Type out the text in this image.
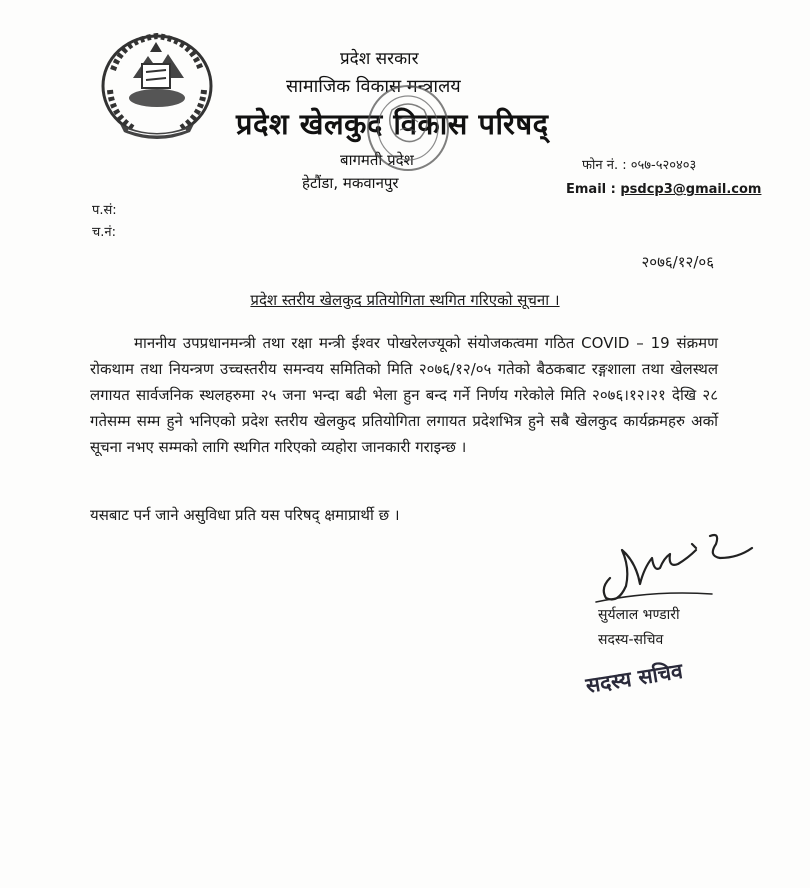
प्रदेश सरकार
सामाजिक विकास मन्त्रालय
प्रदेश खेलकुद विकास परिषद्
बागमती प्रदेश
हेटौंडा, मकवानपुर
फोन नं. : ०५७-५२०४०३
Email : psdcp3@gmail.com
प.सं:
च.नं:
२०७६/१२/०६
प्रदेश स्तरीय खेलकुद प्रतियोगिता स्थगित गरिएको सूचना ।

माननीय उपप्रधानमन्त्री तथा रक्षा मन्त्री ईश्वर पोखरेलज्यूको संयोजकत्वमा गठित COVID – 19 संक्रमण रोकथाम तथा नियन्त्रण उच्चस्तरीय समन्वय समितिको मिति २०७६/१२/०५ गतेको बैठकबाट रङ्गशाला तथा खेलस्थल लगायत सार्वजनिक स्थलहरुमा २५ जना भन्दा बढी भेला हुन बन्द गर्ने निर्णय गरेकोले मिति २०७६।१२।२१ देखि २८ गतेसम्म सम्म हुने भनिएको प्रदेश स्तरीय खेलकुद प्रतियोगिता लगायत प्रदेशभित्र हुने सबै खेलकुद कार्यक्रमहरु अर्को सूचना नभए सम्मको लागि स्थगित गरिएको व्यहोरा जानकारी गराइन्छ ।

यसबाट पर्न जाने असुविधा प्रति यस परिषद् क्षमाप्रार्थी छ ।
सुर्यलाल भण्डारी
सदस्य-सचिव
सदस्य सचिव
